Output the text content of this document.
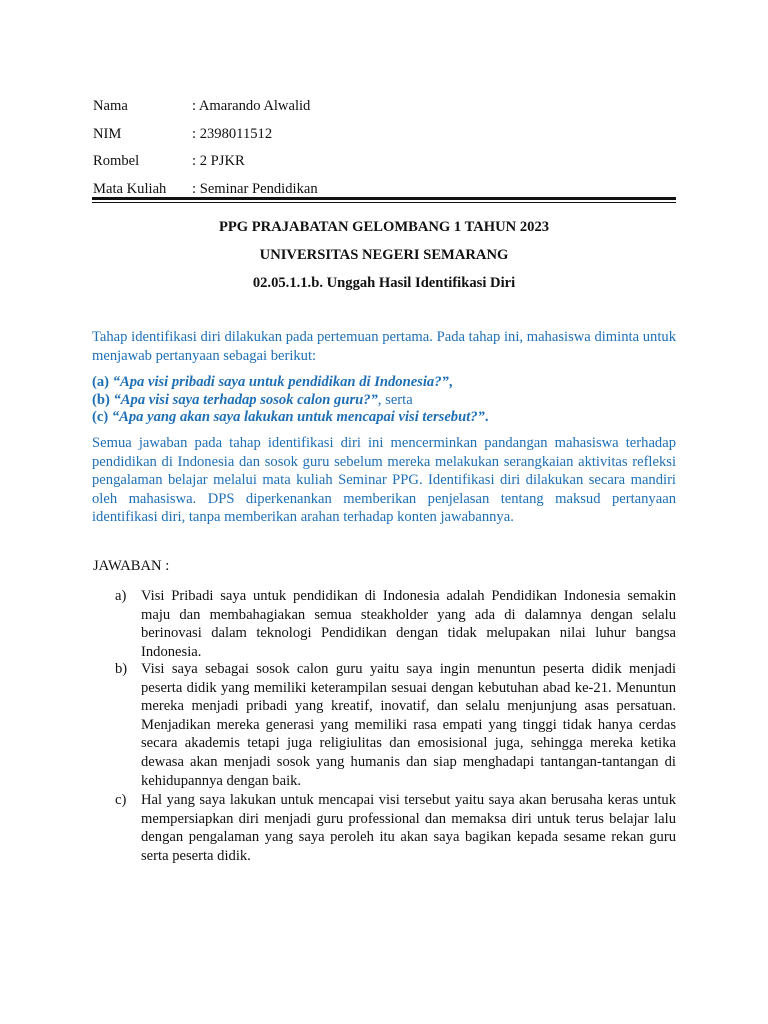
Nama	: Amarando Alwalid
NIM	: 2398011512
Rombel	: 2 PJKR
Mata Kuliah	: Seminar Pendidikan
PPG PRAJABATAN GELOMBANG 1 TAHUN 2023
UNIVERSITAS NEGERI SEMARANG
02.05.1.1.b. Unggah Hasil Identifikasi Diri
Tahap identifikasi diri dilakukan pada pertemuan pertama. Pada tahap ini, mahasiswa diminta untuk menjawab pertanyaan sebagai berikut:
(a) “Apa visi pribadi saya untuk pendidikan di Indonesia?”,
(b) “Apa visi saya terhadap sosok calon guru?”, serta
(c) “Apa yang akan saya lakukan untuk mencapai visi tersebut?”.
Semua jawaban pada tahap identifikasi diri ini mencerminkan pandangan mahasiswa terhadap pendidikan di Indonesia dan sosok guru sebelum mereka melakukan serangkaian aktivitas refleksi pengalaman belajar melalui mata kuliah Seminar PPG. Identifikasi diri dilakukan secara mandiri oleh mahasiswa. DPS diperkenankan memberikan penjelasan tentang maksud pertanyaan identifikasi diri, tanpa memberikan arahan terhadap konten jawabannya.
JAWABAN :
a)	Visi Pribadi saya untuk pendidikan di Indonesia adalah Pendidikan Indonesia semakin maju dan membahagiakan semua steakholder yang ada di dalamnya dengan selalu berinovasi dalam teknologi Pendidikan dengan tidak melupakan nilai luhur bangsa Indonesia.
b) Visi saya sebagai sosok calon guru yaitu saya ingin menuntun peserta didik menjadi peserta didik yang memiliki keterampilan sesuai dengan kebutuhan abad ke-21. Menuntun mereka menjadi pribadi yang kreatif, inovatif, dan selalu menjunjung asas persatuan. Menjadikan mereka generasi yang memiliki rasa empati yang tinggi tidak hanya cerdas secara akademis tetapi juga religiulitas dan emosisional juga, sehingga mereka ketika dewasa akan menjadi sosok yang humanis dan siap menghadapi tantangan-tantangan di kehidupannya dengan baik.
c)	Hal yang saya lakukan untuk mencapai visi tersebut yaitu saya akan berusaha keras untuk mempersiapkan diri menjadi guru professional dan memaksa diri untuk terus belajar lalu dengan pengalaman yang saya peroleh itu akan saya bagikan kepada sesame rekan guru serta peserta didik.
